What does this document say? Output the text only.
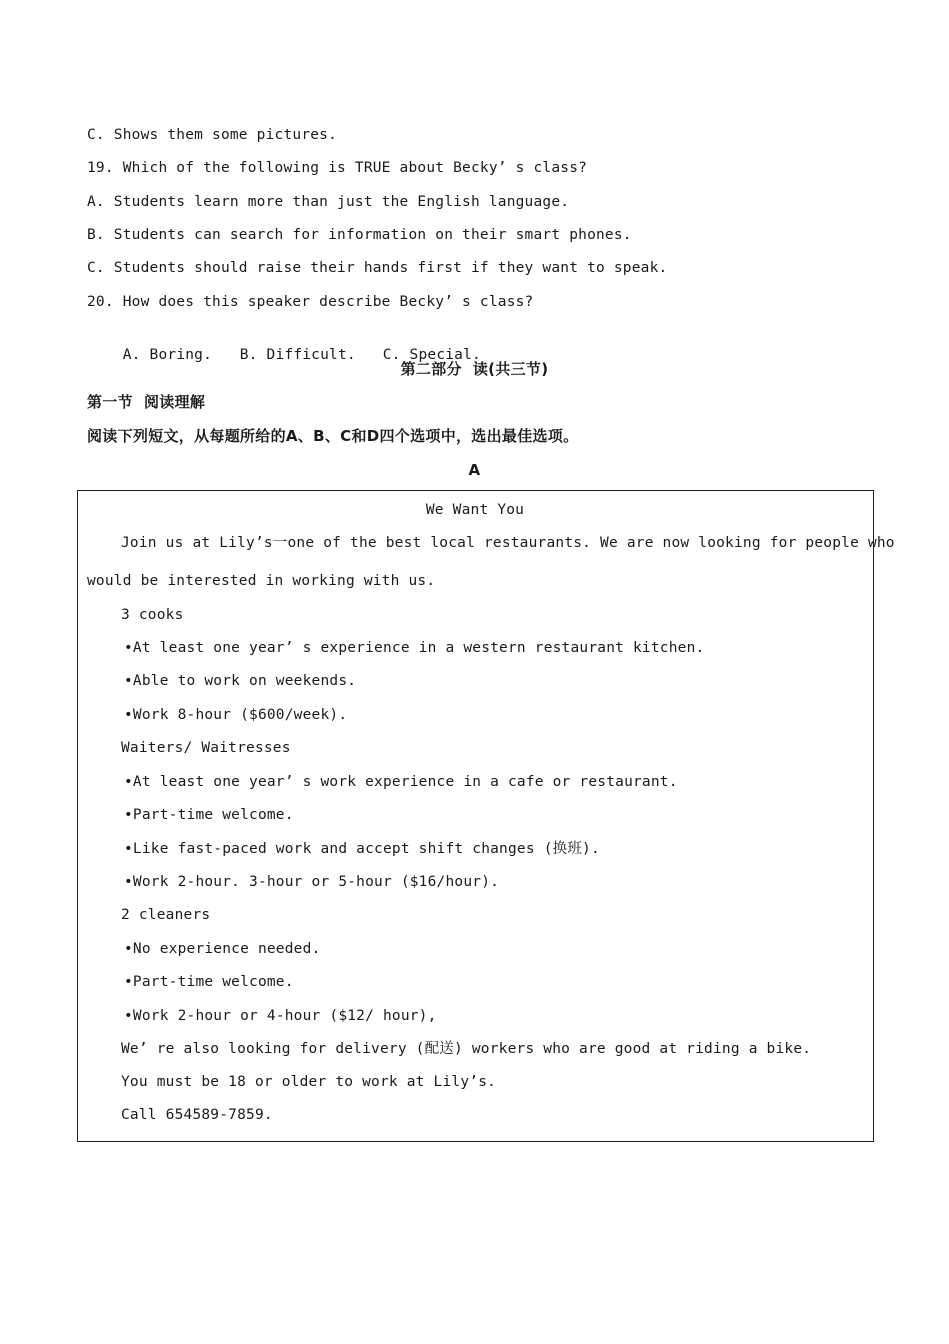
C. Shows them some pictures.
19. Which of the following is TRUE about Becky’ s class?
A. Students learn more than just the English language.
B. Students can search for information on their smart phones.
C. Students should raise their hands first if they want to speak.
20. How does this speaker describe Becky’ s class?

A. Boring. B. Difficult. C. Special.

第二部分  读(共三节)
第一节  阅读理解
阅读下列短文，从每题所给的A、B、C和D四个选项中，选出最佳选项。
A
We Want You
Join us at Lily’s一one of the best local restaurants. We are now looking for people who
would be interested in working with us.
3 cooks
•At least one year’ s experience in a western restaurant kitchen.
•Able to work on weekends.
•Work 8-hour ($600/week).
Waiters/ Waitresses
•At least one year’ s work experience in a cafe or restaurant.
•Part-time welcome.
•Like fast-paced work and accept shift changes (换班).
•Work 2-hour. 3-hour or 5-hour ($16/hour).
2 cleaners
•No experience needed.
•Part-time welcome.
•Work 2-hour or 4-hour ($12/ hour),
We’ re also looking for delivery (配送) workers who are good at riding a bike.
You must be 18 or older to work at Lily’s.
Call 654589-7859.
